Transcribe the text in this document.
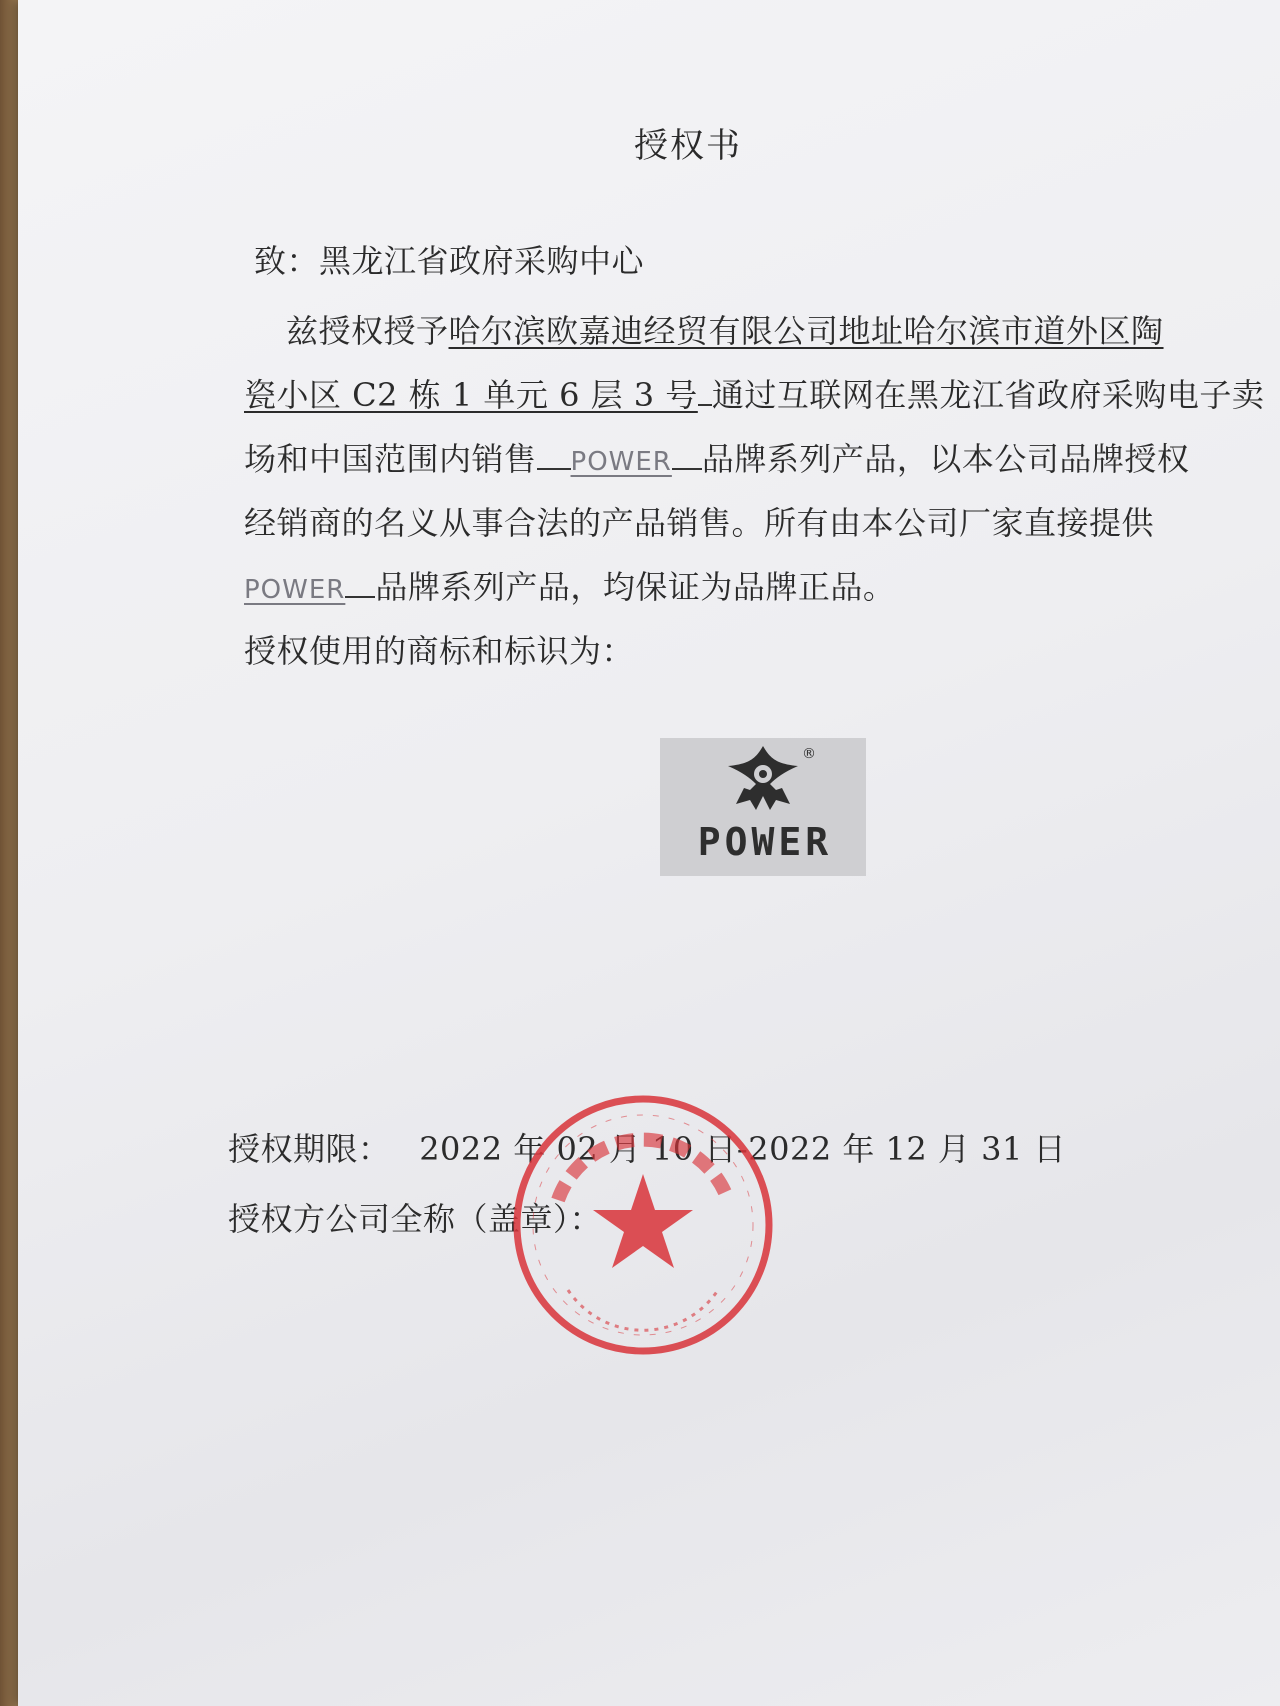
授权书
致：黑龙江省政府采购中心
兹授权授予哈尔滨欧嘉迪经贸有限公司地址哈尔滨市道外区陶
瓷小区 C2 栋 1 单元 6 层 3 号 通过互联网在黑龙江省政府采购电子卖
场和中国范围内销售 POWER 品牌系列产品，以本公司品牌授权
经销商的名义从事合法的产品销售。所有由本公司厂家直接提供
POWER 品牌系列产品，均保证为品牌正品。
授权使用的商标和标识为：
®
POWER
授权期限： 2022 年 02 月 10 日-2022 年 12 月 31 日
授权方公司全称（盖章）：
